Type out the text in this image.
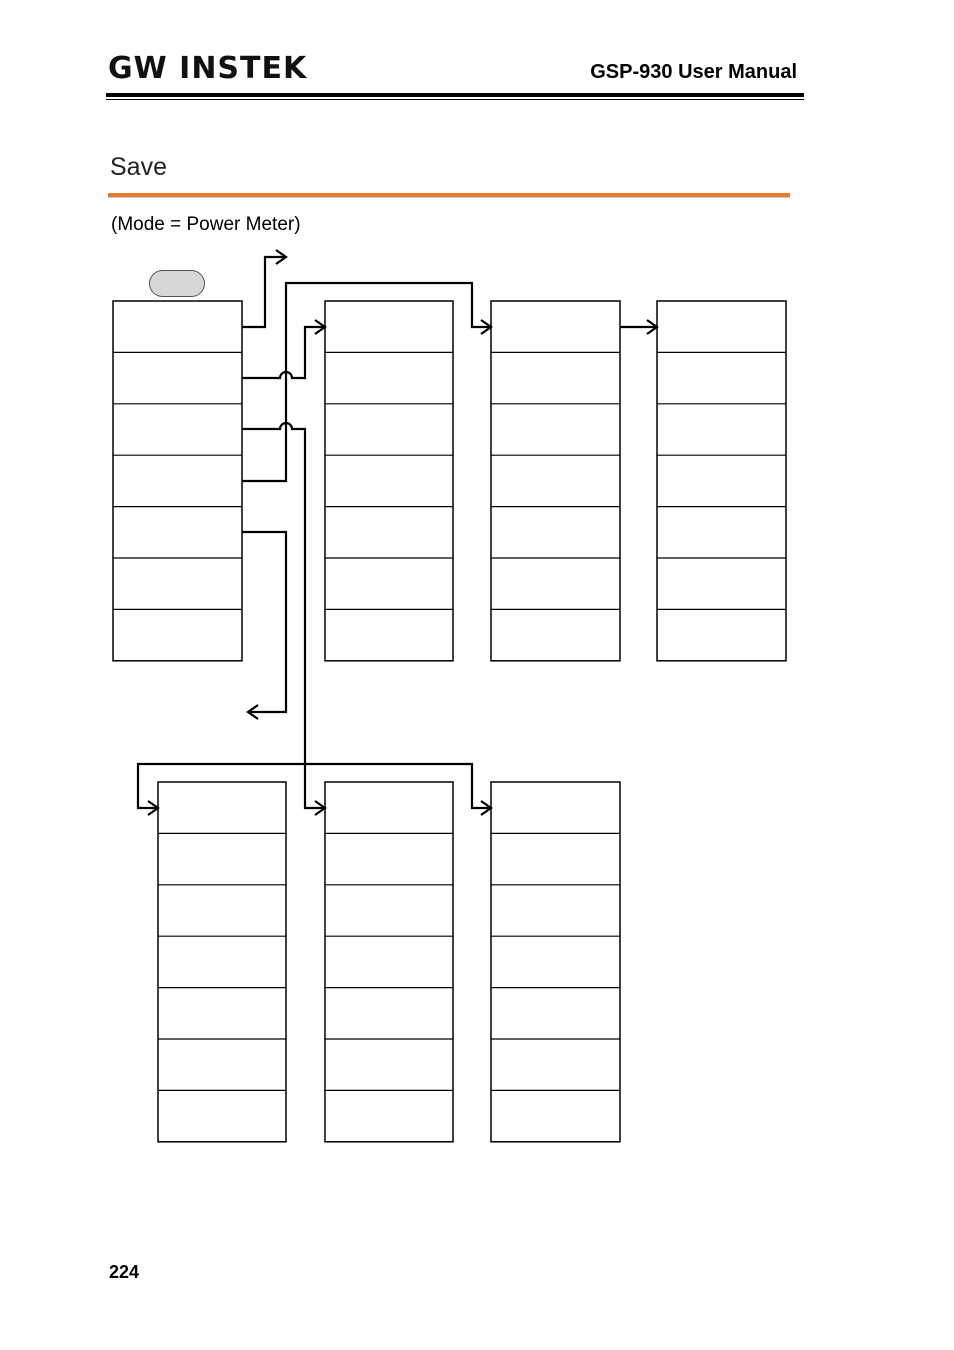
GW INSTEK	GSP-930 User Manual
Save
(Mode = Power Meter)
224
